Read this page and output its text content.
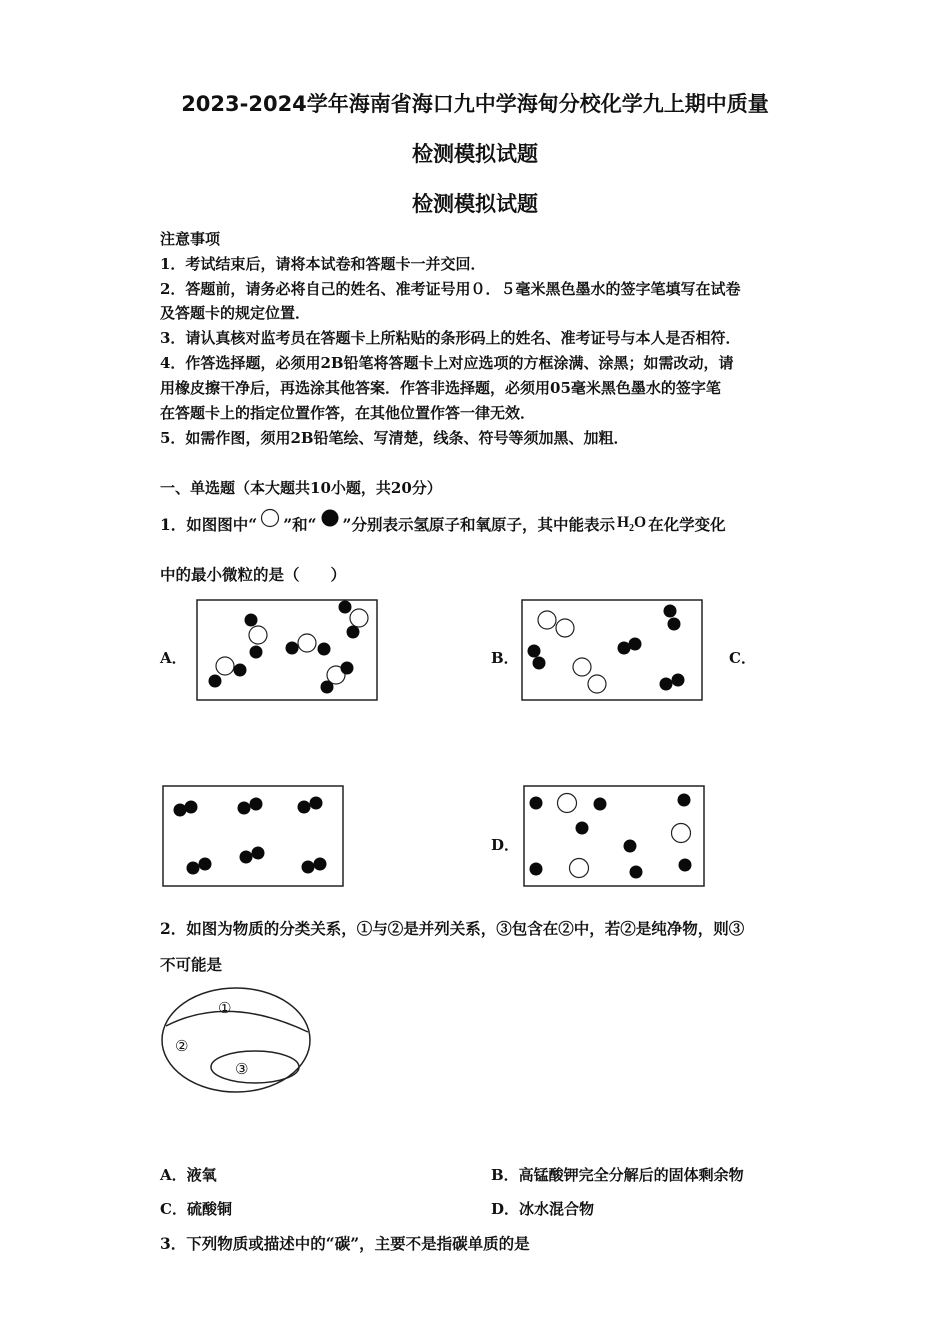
2023-2024学年海南省海口九中学海甸分校化学九上期中质量
检测模拟试题
检测模拟试题
注意事项
1．考试结束后，请将本试卷和答题卡一并交回．
2．答题前，请务必将自己的姓名、准考证号用０．５毫米黑色墨水的签字笔填写在试卷
及答题卡的规定位置．
3．请认真核对监考员在答题卡上所粘贴的条形码上的姓名、准考证号与本人是否相符．
4．作答选择题，必须用2B铅笔将答题卡上对应选项的方框涂满、涂黑；如需改动，请
用橡皮擦干净后，再选涂其他答案．作答非选择题，必须用05毫米黑色墨水的签字笔
在答题卡上的指定位置作答，在其他位置作答一律无效．
5．如需作图，须用2B铅笔绘、写清楚，线条、符号等须加黑、加粗．
一、单选题（本大题共10小题，共20分）
1．如图图中“ ”和“ ”分别表示氢原子和氧原子，其中能表示 $H_2O$ 在化学变化
中的最小微粒的是（　　）
A．	B．	C．
D．
2．如图为物质的分类关系，①与②是并列关系，③包含在②中，若②是纯净物，则③
不可能是
①
②
③
A．液氧	B．高锰酸钾完全分解后的固体剩余物
C．硫酸铜	D．冰水混合物
3．下列物质或描述中的“碳”，主要不是指碳单质的是
